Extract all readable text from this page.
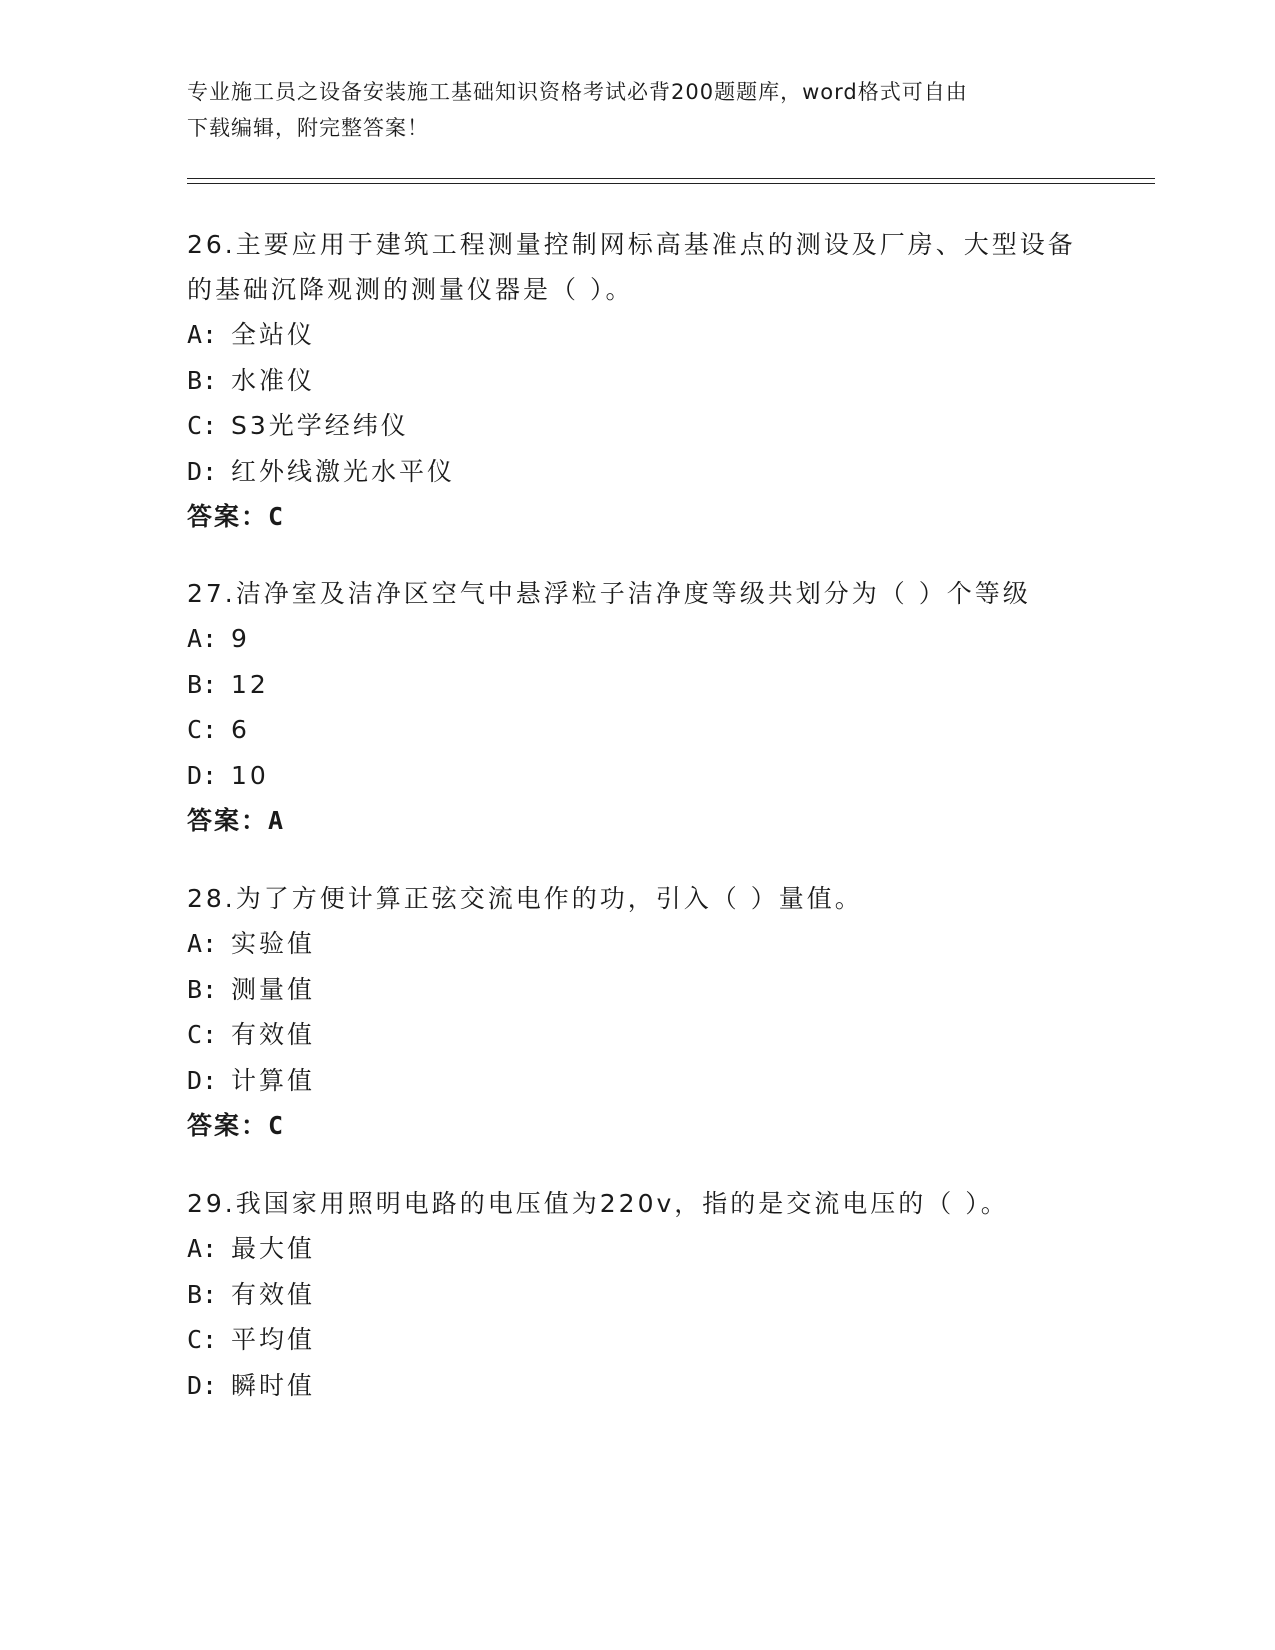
专业施工员之设备安装施工基础知识资格考试必背200题题库，word格式可自由
下载编辑，附完整答案！
26.主要应用于建筑工程测量控制网标高基准点的测设及厂房、大型设备的基础沉降观测的测量仪器是（ ）。
A: 全站仪
B: 水准仪
C: S3光学经纬仪
D: 红外线激光水平仪
答案：C
27.洁净室及洁净区空气中悬浮粒子洁净度等级共划分为（ ）个等级
A: 9
B: 12
C: 6
D: 10
答案：A
28.为了方便计算正弦交流电作的功，引入（ ）量值。
A: 实验值
B: 测量值
C: 有效值
D: 计算值
答案：C
29.我国家用照明电路的电压值为220v，指的是交流电压的（ ）。
A: 最大值
B: 有效值
C: 平均值
D: 瞬时值
